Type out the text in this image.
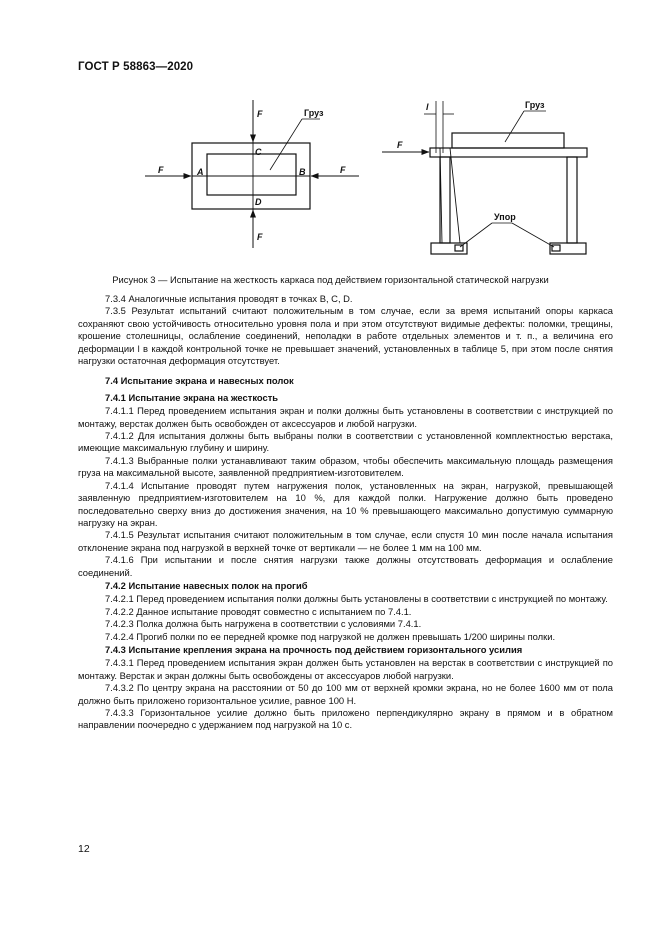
ГОСТ Р 58863—2020
F
F
F	F
A	B
C
D
Груз
l
F
Груз
Упор
Рисунок 3 — Испытание на жесткость каркаса под действием горизонтальной статической нагрузки

7.3.4 Аналогичные испытания проводят в точках B, C, D.

7.3.5 Результат испытаний считают положительным в том случае, если за время испытаний опоры каркаса сохраняют свою устойчивость относительно уровня пола и при этом отсутствуют видимые дефекты: поломки, трещины, крошение столешницы, ослабление соединений, неполадки в работе отдельных элементов и т. п., а величина его деформации l в каждой контрольной точке не превышает значений, установленных в таблице 5, при этом после снятия нагрузки остаточная деформация отсутствует.

7.4 Испытание экрана и навесных полок

7.4.1 Испытание экрана на жесткость

7.4.1.1 Перед проведением испытания экран и полки должны быть установлены в соответствии с инструкцией по монтажу, верстак должен быть освобожден от аксессуаров и любой нагрузки.

7.4.1.2 Для испытания должны быть выбраны полки в соответствии с установленной комплектностью верстака, имеющие максимальную глубину и ширину.

7.4.1.3 Выбранные полки устанавливают таким образом, чтобы обеспечить максимальную площадь размещения груза на максимальной высоте, заявленной предприятием-изготовителем.

7.4.1.4 Испытание проводят путем нагружения полок, установленных на экран, нагрузкой, превышающей заявленную предприятием-изготовителем на 10 %, для каждой полки. Нагружение должно быть проведено последовательно сверху вниз до достижения значения, на 10 % превышающего максимально допустимую суммарную нагрузку на экран.

7.4.1.5 Результат испытания считают положительным в том случае, если спустя 10 мин после начала испытания отклонение экрана под нагрузкой в верхней точке от вертикали — не более 1 мм на 100 мм.

7.4.1.6 При испытании и после снятия нагрузки также должны отсутствовать деформация и ослабление соединений.

7.4.2 Испытание навесных полок на прогиб

7.4.2.1 Перед проведением испытания полки должны быть установлены в соответствии с инструкцией по монтажу.

7.4.2.2 Данное испытание проводят совместно с испытанием по 7.4.1.

7.4.2.3 Полка должна быть нагружена в соответствии с условиями 7.4.1.

7.4.2.4 Прогиб полки по ее передней кромке под нагрузкой не должен превышать 1/200 ширины полки.

7.4.3 Испытание крепления экрана на прочность под действием горизонтального усилия

7.4.3.1 Перед проведением испытания экран должен быть установлен на верстак в соответствии с инструкцией по монтажу. Верстак и экран должны быть освобождены от аксессуаров любой нагрузки.

7.4.3.2 По центру экрана на расстоянии от 50 до 100 мм от верхней кромки экрана, но не более 1600 мм от пола должно быть приложено горизонтальное усилие, равное 100 Н.

7.4.3.3 Горизонтальное усилие должно быть приложено перпендикулярно экрану в прямом и в обратном направлении поочередно с удержанием под нагрузкой на 10 с.

12
